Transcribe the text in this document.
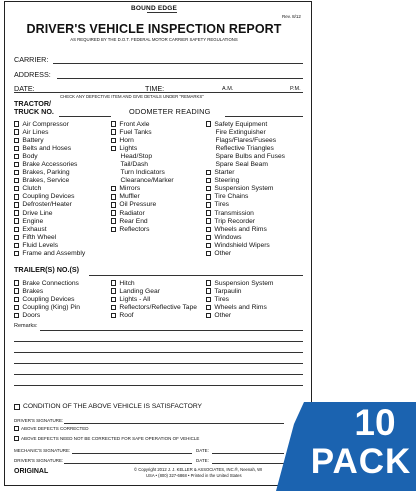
BOUND EDGE
Rev. 8/12
DRIVER'S VEHICLE INSPECTION REPORT
AS REQUIRED BY THE D.O.T. FEDERAL MOTOR CARRIER SAFETY REGULATIONS
CARRIER:
ADDRESS:
DATE:	TIME:	A.M.	P.M.
CHECK ANY DEFECTIVE ITEM AND GIVE DETAILS UNDER "REMARKS"
TRACTOR/
TRUCK NO.	ODOMETER READING
Air Compressor
Air Lines
Battery
Belts and Hoses
Body
Brake Accessories
Brakes, Parking
Brakes, Service
Clutch
Coupling Devices
Defroster/Heater
Drive Line
Engine
Exhaust
Fifth Wheel
Fluid Levels
Frame and Assembly
Front Axle
Fuel Tanks
Horn
Lights
Head/Stop
Tail/Dash
Turn Indicators
Clearance/Marker
Mirrors
Muffler
Oil Pressure
Radiator
Rear End
Reflectors
Safety Equipment
Fire Extinguisher
Flags/Flares/Fusees
Reflective Triangles
Spare Bulbs and Fuses
Spare Seal Beam
Starter
Steering
Suspension System
Tire Chains
Tires
Transmission
Trip Recorder
Wheels and Rims
Windows
Windshield Wipers
Other
TRAILER(S) NO.(S)
Brake Connections
Brakes
Coupling Devices
Coupling (King) Pin
Doors
Hitch
Landing Gear
Lights - All
Reflectors/Reflective Tape
Roof
Suspension System
Tarpaulin
Tires
Wheels and Rims
Other
Remarks:
CONDITION OF THE ABOVE VEHICLE IS SATISFACTORY
DRIVER'S SIGNATURE:
ABOVE DEFECTS CORRECTED
ABOVE DEFECTS NEED NOT BE CORRECTED FOR SAFE OPERATION OF VEHICLE
MECHANIC'S SIGNATURE:	DATE:
DRIVER'S SIGNATURE:	DATE:
ORIGINAL	© Copyright 2012 J. J. KELLER & ASSOCIATES, INC.®, Neenah, WI
USA • (800) 327-6868 • Printed in the United States
10
PACK
